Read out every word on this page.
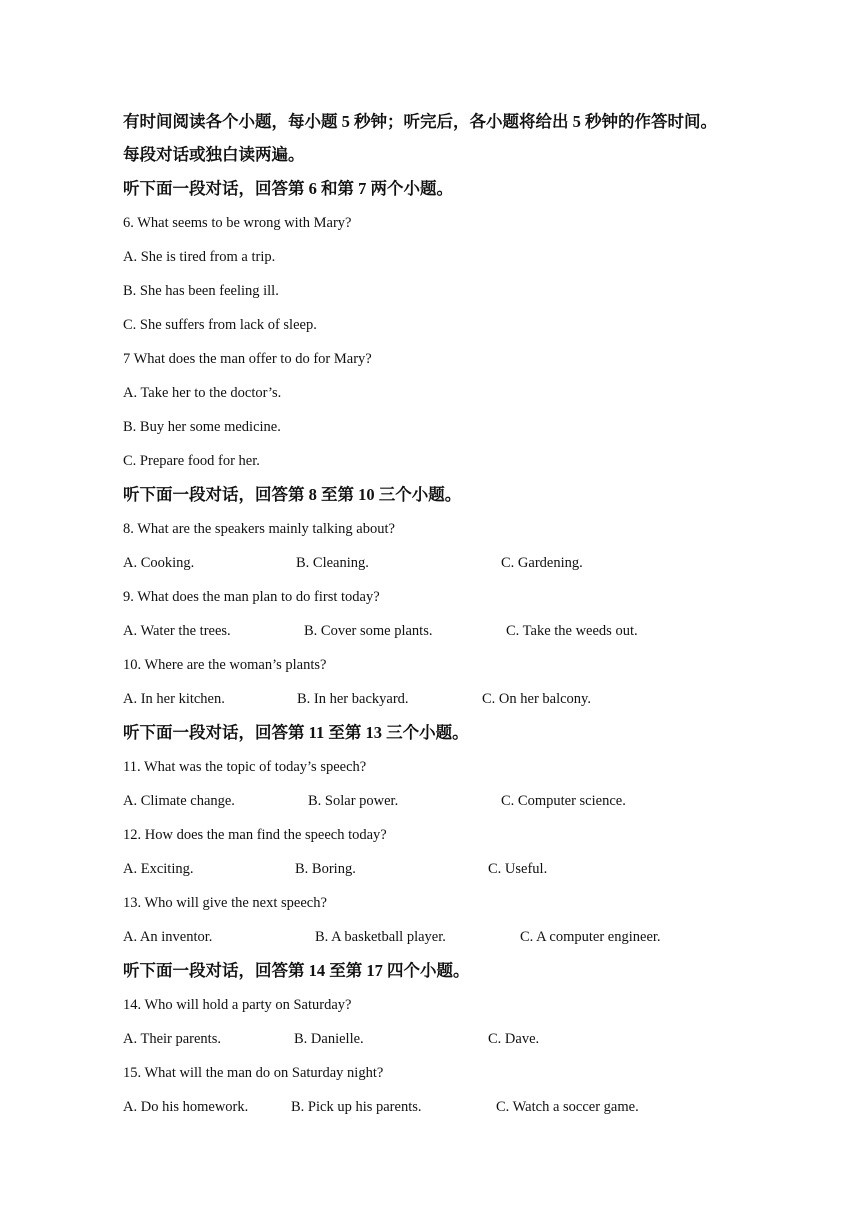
有时间阅读各个小题，每小题 5 秒钟；听完后，各小题将给出 5 秒钟的作答时间。
每段对话或独白读两遍。
听下面一段对话，回答第 6 和第 7 两个小题。
6. What seems to be wrong with Mary?
A. She is tired from a trip.
B. She has been feeling ill.
C. She suffers from lack of sleep.
7 What does the man offer to do for Mary?
A. Take her to the doctor’s.
B. Buy her some medicine.
C. Prepare food for her.
听下面一段对话，回答第 8 至第 10 三个小题。
8. What are the speakers mainly talking about?
A. Cooking.	B. Cleaning.	C. Gardening.
9. What does the man plan to do first today?
A. Water the trees.	B. Cover some plants.	C. Take the weeds out.
10. Where are the woman’s plants?
A. In her kitchen.	B. In her backyard.	C. On her balcony.
听下面一段对话，回答第 11 至第 13 三个小题。
11. What was the topic of today’s speech?
A. Climate change.	B. Solar power.	C. Computer science.
12. How does the man find the speech today?
A. Exciting.	B. Boring.	C. Useful.
13. Who will give the next speech?
A. An inventor.	B. A basketball player.	C. A computer engineer.
听下面一段对话，回答第 14 至第 17 四个小题。
14. Who will hold a party on Saturday?
A. Their parents.	B. Danielle.	C. Dave.
15. What will the man do on Saturday night?
A. Do his homework.	B. Pick up his parents.	C. Watch a soccer game.
